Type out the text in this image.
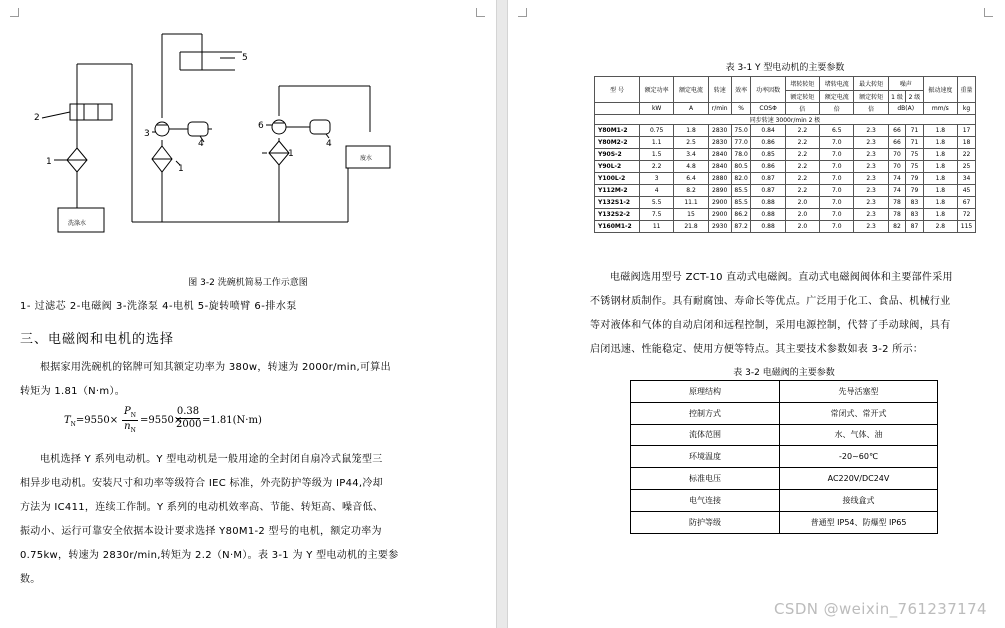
2
1
3
1
4
5
6
1
4
洗涤水
废水
图 3-2 洗碗机简易工作示意图
1- 过滤芯 2-电磁阀 3-洗涤泵 4-电机 5-旋转喷臂 6-排水泵
三、电磁阀和电机的选择
根据家用洗碗机的铭牌可知其额定功率为 380w，转速为 2000r/min,可算出
转矩为 1.81（N·m）。
$T_N=9550\times$
$P_N$
$n_N$
=9550×
$\frac{0.38}{2000} =1.81(N\cdot m)$
电机选择 Y 系列电动机。Y 型电动机是一般用途的全封闭自扇冷式鼠笼型三
相异步电动机。安装尺寸和功率等级符合 IEC 标准，外壳防护等级为 IP44,冷却
方法为 IC411，连续工作制。Y 系列的电动机效率高、节能、转矩高、噪音低、
振动小、运行可靠安全依据本设计要求选择 Y80M1-2 型号的电机，额定功率为
0.75kw，转速为 2830r/min,转矩为 2.2（N·M）。表 3-1 为 Y 型电动机的主要参
数。
表 3-1 Y 型电动机的主要参数
电磁阀选用型号 ZCT-10 直动式电磁阀。直动式电磁阀阀体和主要部件采用
不锈钢材质制作。具有耐腐蚀、寿命长等优点。广泛用于化工、食品、机械行业
等对液体和气体的自动启闭和远程控制，采用电源控制，代替了手动球阀，具有
启闭迅速、性能稳定、使用方便等特点。其主要技术参数如表 3-2 所示：
表 3-2 电磁阀的主要参数
型 号	额定功率	额定电流	转速	效率	功率因数	堵转转矩	堵转电流	最大转矩	噪声		振动速度	重量
						额定转矩	额定电流	额定转矩	1 级	2 级		
	kW	A	r/min	%	COSΦ	倍	倍	倍	dB(A)		mm/s	kg
同步转速 3000r/min 2 极												
Y80M1-2	0.75	1.8	2830	75.0	0.84	2.2	6.5	2.3	66	71	1.8	17
Y80M2-2	1.1	2.5	2830	77.0	0.86	2.2	7.0	2.3	66	71	1.8	18
Y90S-2	1.5	3.4	2840	78.0	0.85	2.2	7.0	2.3	70	75	1.8	22
Y90L-2	2.2	4.8	2840	80.5	0.86	2.2	7.0	2.3	70	75	1.8	25
Y100L-2	3	6.4	2880	82.0	0.87	2.2	7.0	2.3	74	79	1.8	34
Y112M-2	4	8.2	2890	85.5	0.87	2.2	7.0	2.3	74	79	1.8	45
Y132S1-2	5.5	11.1	2900	85.5	0.88	2.0	7.0	2.3	78	83	1.8	67
Y132S2-2	7.5	15	2900	86.2	0.88	2.0	7.0	2.3	78	83	1.8	72
Y160M1-2	11	21.8	2930	87.2	0.88	2.0	7.0	2.3	82	87	2.8	115
原理结构	先导活塞型
控制方式	常闭式、常开式
流体范围	水、气体、油
环境温度	-20~60℃
标准电压	AC220V/DC24V
电气连接	接线盒式
防护等级	普通型 IP54、防爆型 IP65
CSDN @weixin_761237174
